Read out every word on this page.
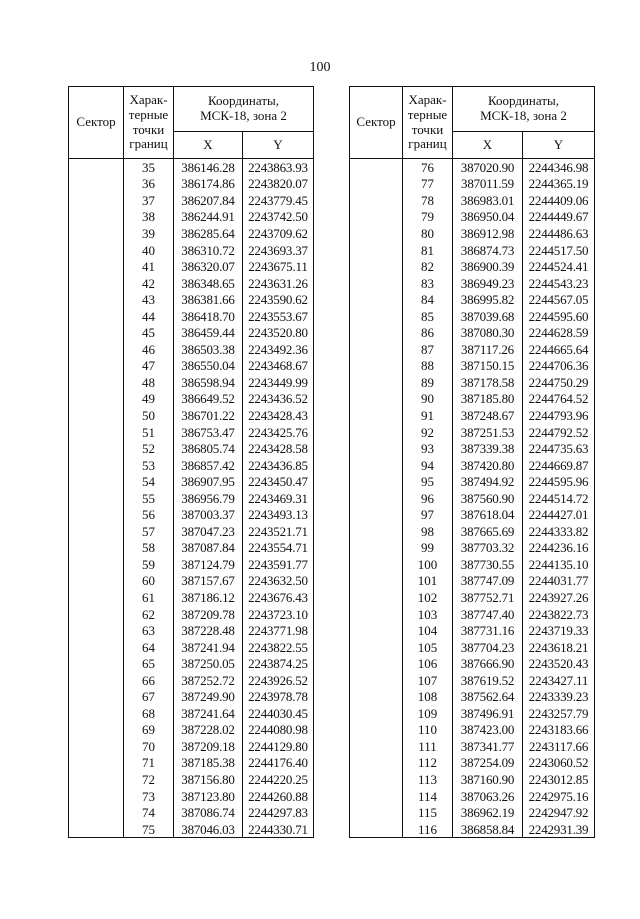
100
Сектор	Харак-
терные
точки
границ	Координаты,
МСК-18, зона 2	
		X	Y
	35	386146.28	2243863.93
	36	386174.86	2243820.07
	37	386207.84	2243779.45
	38	386244.91	2243742.50
	39	386285.64	2243709.62
	40	386310.72	2243693.37
	41	386320.07	2243675.11
	42	386348.65	2243631.26
	43	386381.66	2243590.62
	44	386418.70	2243553.67
	45	386459.44	2243520.80
	46	386503.38	2243492.36
	47	386550.04	2243468.67
	48	386598.94	2243449.99
	49	386649.52	2243436.52
	50	386701.22	2243428.43
	51	386753.47	2243425.76
	52	386805.74	2243428.58
	53	386857.42	2243436.85
	54	386907.95	2243450.47
	55	386956.79	2243469.31
	56	387003.37	2243493.13
	57	387047.23	2243521.71
	58	387087.84	2243554.71
	59	387124.79	2243591.77
	60	387157.67	2243632.50
	61	387186.12	2243676.43
	62	387209.78	2243723.10
	63	387228.48	2243771.98
	64	387241.94	2243822.55
	65	387250.05	2243874.25
	66	387252.72	2243926.52
	67	387249.90	2243978.78
	68	387241.64	2244030.45
	69	387228.02	2244080.98
	70	387209.18	2244129.80
	71	387185.38	2244176.40
	72	387156.80	2244220.25
	73	387123.80	2244260.88
	74	387086.74	2244297.83
	75	387046.03	2244330.71
Сектор	Харак-
терные
точки
границ	Координаты,
МСК-18, зона 2	
		X	Y
	76	387020.90	2244346.98
	77	387011.59	2244365.19
	78	386983.01	2244409.06
	79	386950.04	2244449.67
	80	386912.98	2244486.63
	81	386874.73	2244517.50
	82	386900.39	2244524.41
	83	386949.23	2244543.23
	84	386995.82	2244567.05
	85	387039.68	2244595.60
	86	387080.30	2244628.59
	87	387117.26	2244665.64
	88	387150.15	2244706.36
	89	387178.58	2244750.29
	90	387185.80	2244764.52
	91	387248.67	2244793.96
	92	387251.53	2244792.52
	93	387339.38	2244735.63
	94	387420.80	2244669.87
	95	387494.92	2244595.96
	96	387560.90	2244514.72
	97	387618.04	2244427.01
	98	387665.69	2244333.82
	99	387703.32	2244236.16
	100	387730.55	2244135.10
	101	387747.09	2244031.77
	102	387752.71	2243927.26
	103	387747.40	2243822.73
	104	387731.16	2243719.33
	105	387704.23	2243618.21
	106	387666.90	2243520.43
	107	387619.52	2243427.11
	108	387562.64	2243339.23
	109	387496.91	2243257.79
	110	387423.00	2243183.66
	111	387341.77	2243117.66
	112	387254.09	2243060.52
	113	387160.90	2243012.85
	114	387063.26	2242975.16
	115	386962.19	2242947.92
	116	386858.84	2242931.39
